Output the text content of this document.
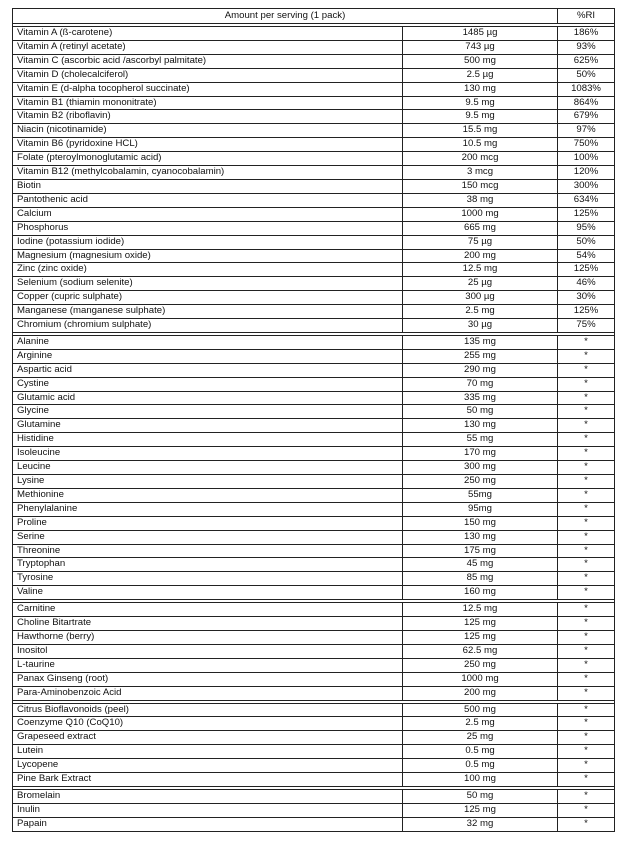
Amount per serving (1 pack)		%RI

Vitamin A (ß-carotene)	1485 µg	186%
Vitamin A (retinyl acetate)	743 µg	93%
Vitamin C (ascorbic acid /ascorbyl palmitate)	500 mg	625%
Vitamin D (cholecalciferol)	2.5 µg	50%
Vitamin E (d-alpha tocopherol succinate)	130 mg	1083%
Vitamin B1 (thiamin mononitrate)	9.5 mg	864%
Vitamin B2 (riboflavin)	9.5 mg	679%
Niacin (nicotinamide)	15.5 mg	97%
Vitamin B6 (pyridoxine HCL)	10.5 mg	750%
Folate (pteroylmonoglutamic acid)	200 mcg	100%
Vitamin B12 (methylcobalamin, cyanocobalamin)	3 mcg	120%
Biotin	150 mcg	300%
Pantothenic acid	38 mg	634%
Calcium	1000 mg	125%
Phosphorus	665 mg	95%
Iodine (potassium iodide)	75 µg	50%
Magnesium (magnesium oxide)	200 mg	54%
Zinc (zinc oxide)	12.5 mg	125%
Selenium (sodium selenite)	25 µg	46%
Copper (cupric sulphate)	300 µg	30%
Manganese (manganese sulphate)	2.5 mg	125%
Chromium (chromium sulphate)	30 µg	75%

Alanine	135 mg	*
Arginine	255 mg	*
Aspartic acid	290 mg	*
Cystine	70 mg	*
Glutamic acid	335 mg	*
Glycine	50 mg	*
Glutamine	130 mg	*
Histidine	55 mg	*
Isoleucine	170 mg	*
Leucine	300 mg	*
Lysine	250 mg	*
Methionine	55mg	*
Phenylalanine	95mg	*
Proline	150 mg	*
Serine	130 mg	*
Threonine	175 mg	*
Tryptophan	45 mg	*
Tyrosine	85 mg	*
Valine	160 mg	*

Carnitine	12.5 mg	*
Choline Bitartrate	125 mg	*
Hawthorne (berry)	125 mg	*
Inositol	62.5 mg	*
L-taurine	250 mg	*
Panax Ginseng (root)	1000 mg	*
Para-Aminobenzoic Acid	200 mg	*

Citrus Bioflavonoids (peel)	500 mg	*
Coenzyme Q10 (CoQ10)	2.5 mg	*
Grapeseed extract	25 mg	*
Lutein	0.5 mg	*
Lycopene	0.5 mg	*
Pine Bark Extract	100 mg	*

Bromelain	50 mg	*
Inulin	125 mg	*
Papain	32 mg	*
